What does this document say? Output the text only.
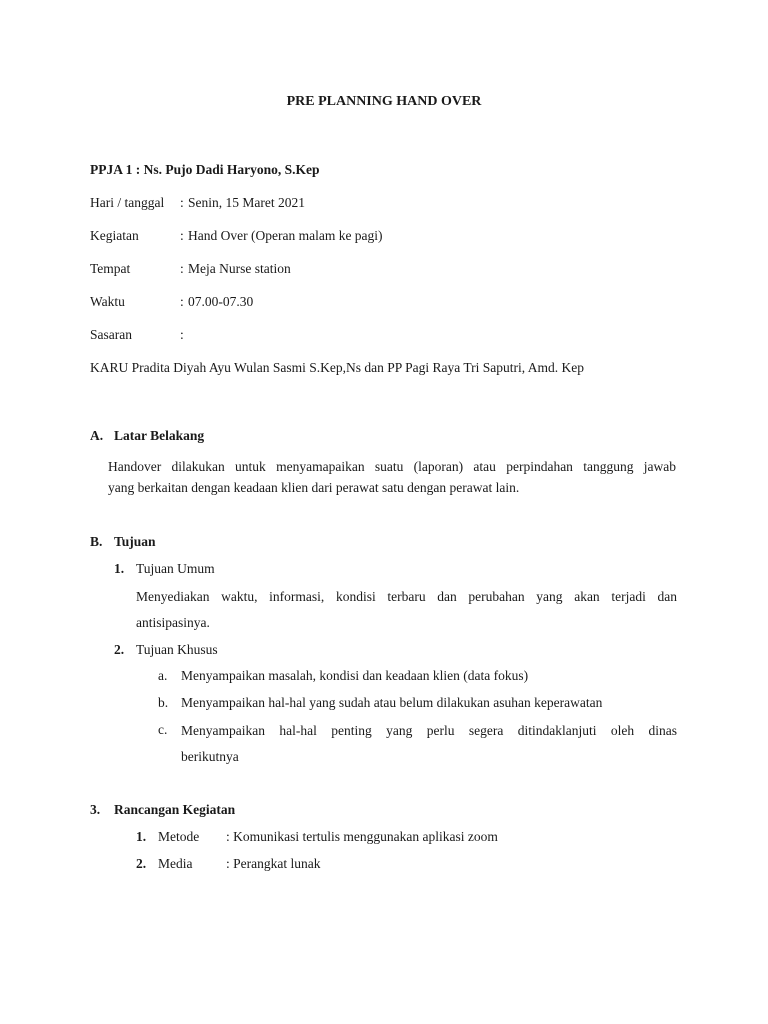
PRE PLANNING HAND OVER
PPJA 1 : Ns. Pujo Dadi Haryono, S.Kep
Hari / tanggal : Senin, 15 Maret 2021
Kegiatan	: Hand Over (Operan malam ke pagi)
Tempat	: Meja Nurse station
Waktu	: 07.00-07.30
Sasaran	:
KARU Pradita Diyah Ayu Wulan Sasmi S.Kep,Ns dan PP Pagi Raya Tri Saputri, Amd. Kep
A. Latar Belakang
Handover dilakukan untuk menyamapaikan suatu (laporan) atau perpindahan tanggung jawab
yang berkaitan dengan keadaan klien dari perawat satu dengan perawat lain.
B. Tujuan
1. Tujuan Umum
Menyediakan waktu, informasi, kondisi terbaru dan perubahan yang akan terjadi dan
antisipasinya.
2. Tujuan Khusus
a. Menyampaikan masalah, kondisi dan keadaan klien (data fokus)
b. Menyampaikan hal-hal yang sudah atau belum dilakukan asuhan keperawatan
c. Menyampaikan hal-hal penting yang perlu segera ditindaklanjuti oleh dinas
berikutnya
3. Rancangan Kegiatan
1. Metode : Komunikasi tertulis menggunakan aplikasi zoom
2. Media : Perangkat lunak
